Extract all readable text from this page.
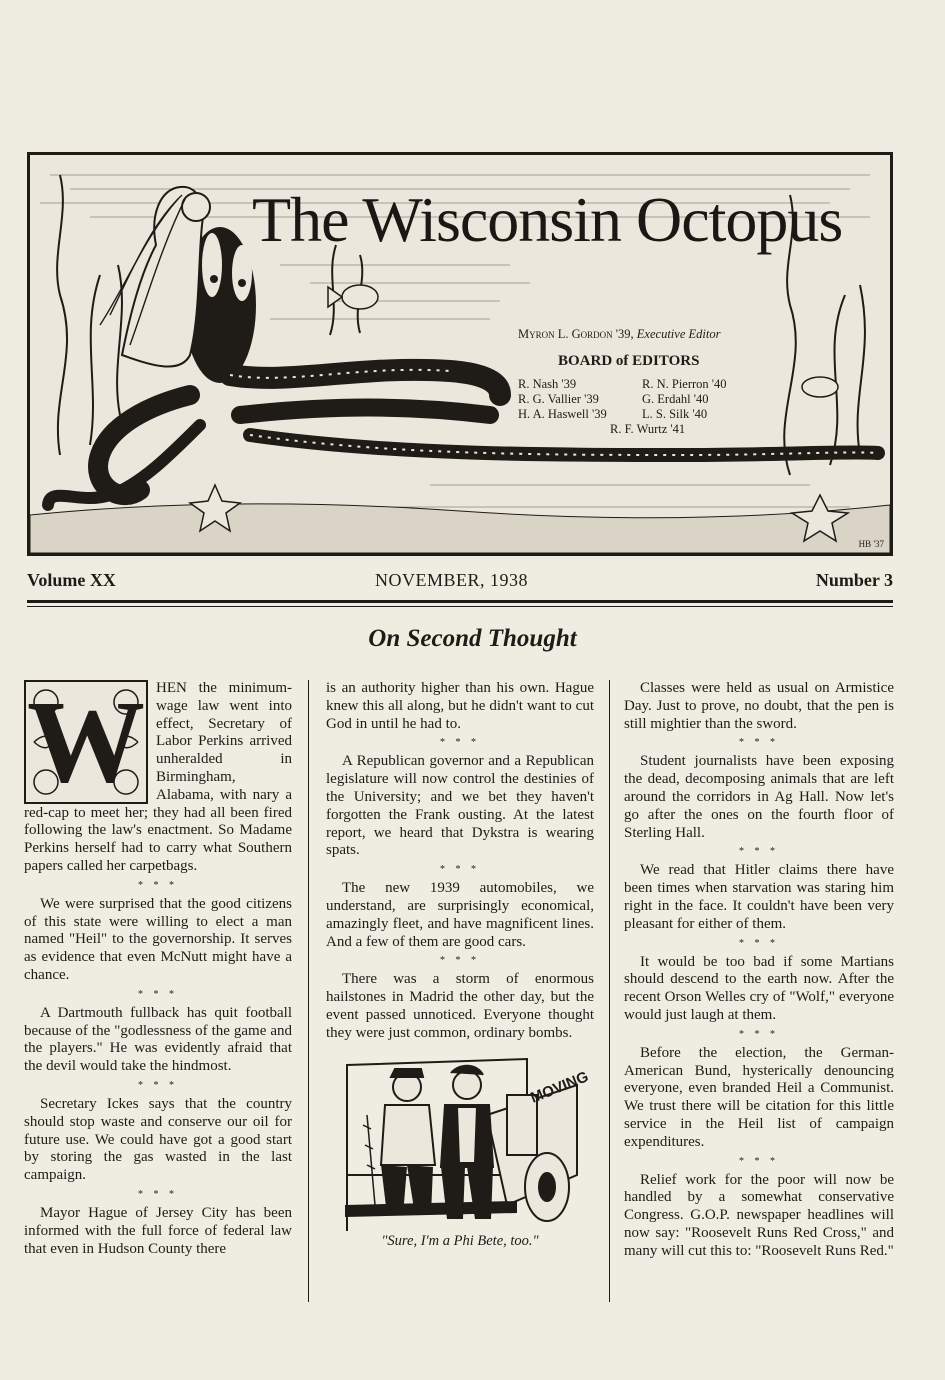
The Wisconsin Octopus
Myron L. Gordon '39, Executive Editor
BOARD of EDITORS
R. Nash '39	R. N. Pierron '40
R. G. Vallier '39	G. Erdahl '40
H. A. Haswell '39	L. S. Silk '40
R. F. Wurtz '41
HB '37
Volume XX	NOVEMBER, 1938	Number 3
On Second Thought
W HEN the minimum-wage law went into effect, Secretary of Labor Perkins arrived unheralded in Birmingham, Alabama, with nary a red-cap to meet her; they had all been fired following the law's enactment. So Madame Perkins herself had to carry what Southern papers called her carpetbags.

* * *

We were surprised that the good citizens of this state were willing to elect a man named "Heil" to the governorship. It serves as evidence that even McNutt might have a chance.

* * *

A Dartmouth fullback has quit football because of the "godlessness of the game and the players." He was evidently afraid that the devil would take the hindmost.

* * *

Secretary Ickes says that the country should stop waste and conserve our oil for future use. We could have got a good start by storing the gas wasted in the last campaign.

* * *

Mayor Hague of Jersey City has been informed with the full force of federal law that even in Hudson County there

is an authority higher than his own. Hague knew this all along, but he didn't want to cut God in until he had to.

* * *

A Republican governor and a Republican legislature will now control the destinies of the University; and we bet they haven't forgotten the Frank ousting. At the latest report, we heard that Dykstra is wearing spats.

* * *

The new 1939 automobiles, we understand, are surprisingly economical, amazingly fleet, and have magnificent lines. And a few of them are good cars.

* * *

There was a storm of enormous hailstones in Madrid the other day, but the event passed unnoticed. Everyone thought they were just common, ordinary bombs.

MOVING
"Sure, I'm a Phi Bete, too."

Classes were held as usual on Armistice Day. Just to prove, no doubt, that the pen is still mightier than the sword.

* * *

Student journalists have been exposing the dead, decomposing animals that are left around the corridors in Ag Hall. Now let's go after the ones on the fourth floor of Sterling Hall.

* * *

We read that Hitler claims there have been times when starvation was staring him right in the face. It couldn't have been very pleasant for either of them.

* * *

It would be too bad if some Martians should descend to the earth now. After the recent Orson Welles cry of "Wolf," everyone would just laugh at them.

* * *

Before the election, the German-American Bund, hysterically denouncing everyone, even branded Heil a Communist. We trust there will be citation for this little service in the Heil list of campaign expenditures.

* * *

Relief work for the poor will now be handled by a somewhat conservative Congress. G.O.P. newspaper headlines will now say: "Roosevelt Runs Red Cross," and many will cut this to: "Roosevelt Runs Red."
